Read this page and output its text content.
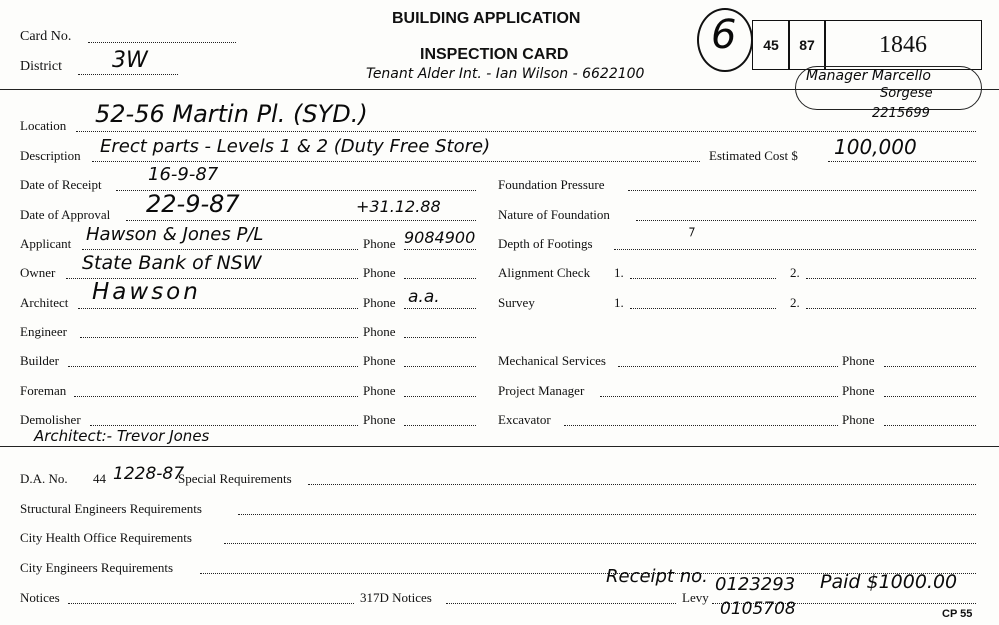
BUILDING APPLICATION
INSPECTION CARD
Card No.
District 3W
6	45	87	1846
Tenant Alder Int. - Ian Wilson - 6622100	Manager Marcello
Sorgese
2215699
Location 52-56 Martin Pl. (SYD.)
Description Erect parts - Levels 1 & 2 (Duty Free Store)	Estimated Cost $ 100,000
Date of Receipt	16-9-87
Date of Approval 22-9-87	+31.12.88
Applicant Hawson & Jones P/L	Phone 9084900
Owner State Bank of NSW	Phone
Architect Hawson	Phone a.a.
Engineer	Phone
Builder	Phone
Foreman	Phone
Demolisher	Phone
Architect:- Trevor Jones
Foundation Pressure
Nature of Foundation
Depth of Footings
⁊
Alignment Check 1.	2.
Survey	1.	2.
Mechanical Services	Phone
Project Manager	Phone
Excavator	Phone
D.A. No. 44 1228-87
Special Requirements
Structural Engineers Requirements
City Health Office Requirements
City Engineers Requirements
Notices	317D Notices	Levy
Receipt no. 0123293 Paid $1000.00
0105708	CP 55
